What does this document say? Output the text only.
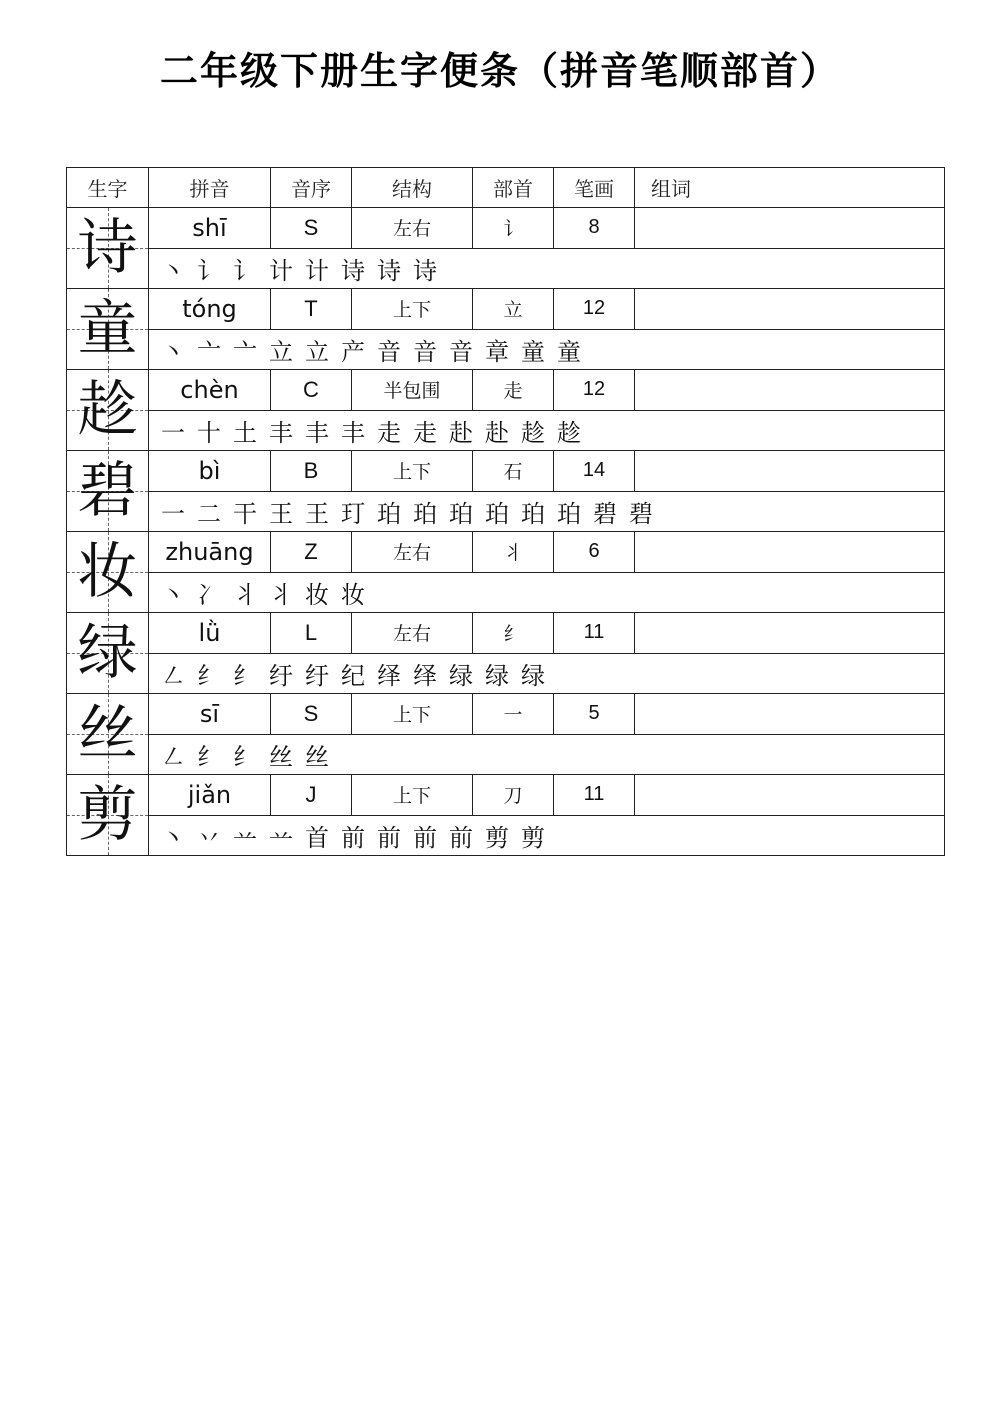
二年级下册生字便条（拼音笔顺部首）
生字	拼音	音序	结构	部首	笔画	组词

诗	shī	S	左右	讠	8	
	丶 讠 讠 计 计 诗 诗 诗					

童	tóng	T	上下	立	12	
	丶 亠 亠 立 立 产 音 音 音 章 童 童					

趁	chèn	C	半包围	走	12	
	一 十 土 丰 丰 丰 走 走 赴 赴 趁 趁					

碧	bì	B	上下	石	14	
	一 二 干 王 王 玎 珀 珀 珀 珀 珀 珀 碧 碧					

妆	zhuāng	Z	左右	丬	6	
	丶 冫 丬 丬 妆 妆					

绿	lǜ	L	左右	纟	11	
	㇜ 纟 纟 纡 纡 纪 绎 绎 绿 绿 绿					

丝	sī	S	上下	一	5	
	㇜ 纟 纟 丝 丝					

剪	jiǎn	J	上下	刀	11	
	丶 丷 䒑 䒑 首 前 前 前 前 剪 剪					
